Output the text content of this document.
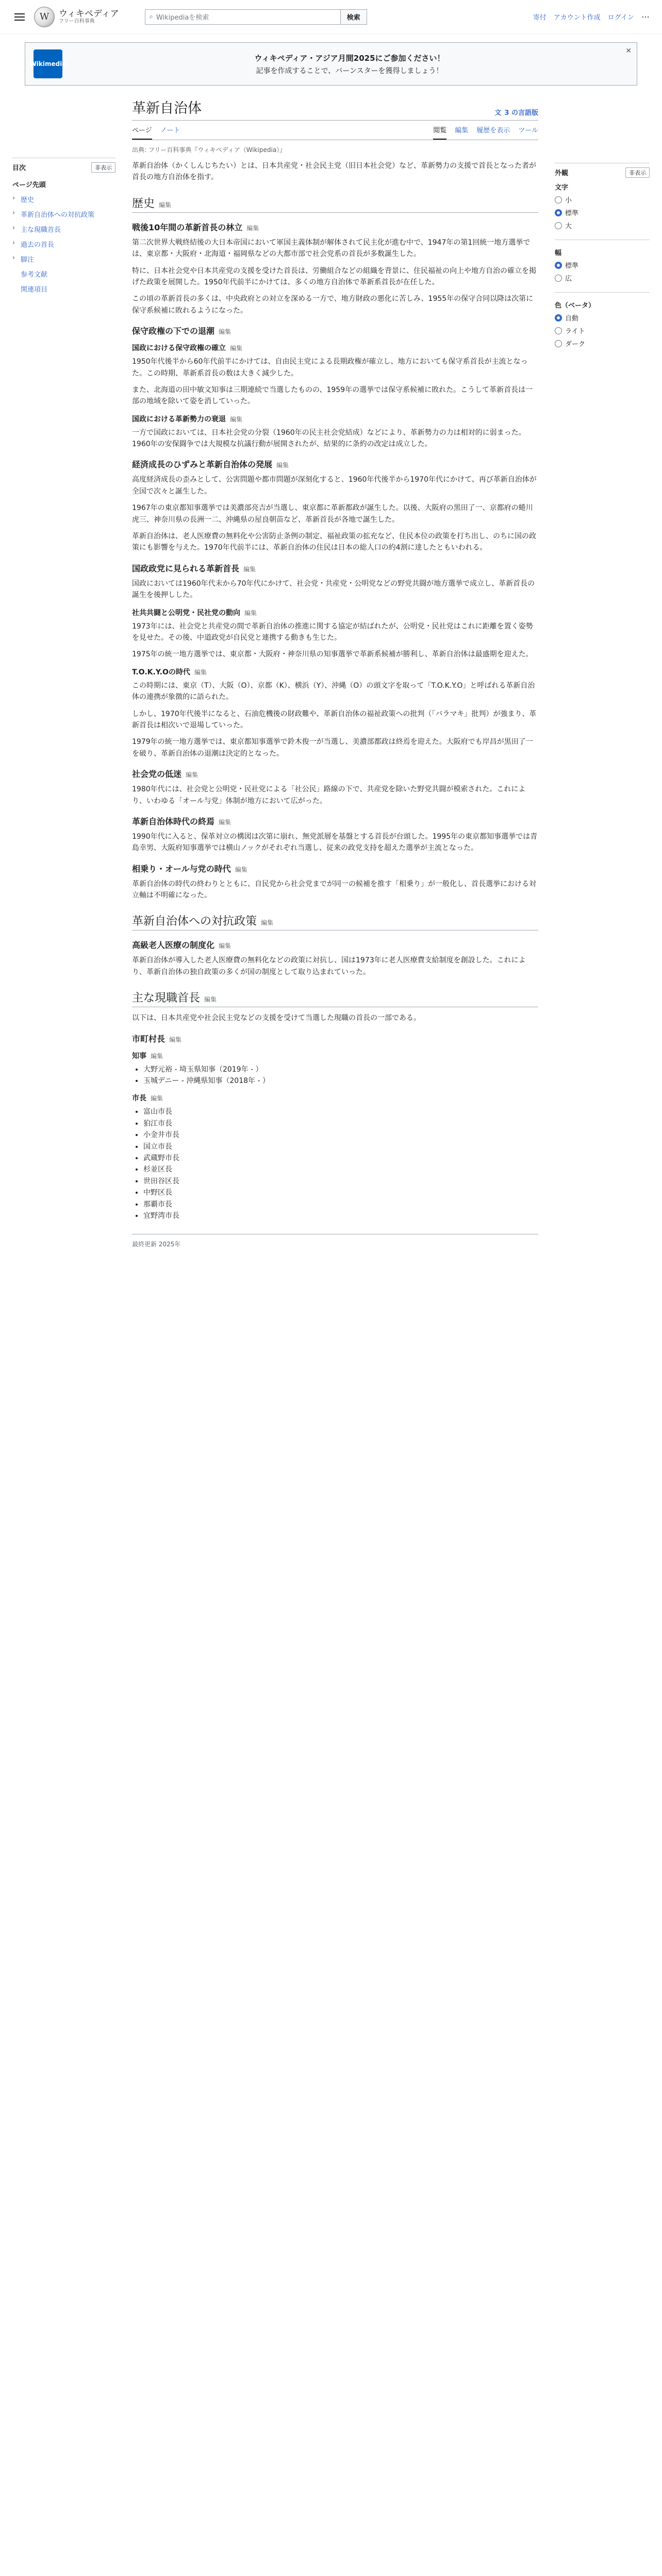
W	ウィキペディア
フリー百科事典
⌕ Wikipediaを検索	検索	寄付 アカウント作成 ログイン ⋯
Wikimedia
ウィキペディア・アジア月間2025にご参加ください！
記事を作成することで、バーンスターを獲得しましょう！
✕
目次	非表示
ページ先頭
› 歴史
› 革新自治体への対抗政策
› 主な現職首長
› 過去の首長
› 脚注
参考文献
関連項目
革新自治体	文 3 の言語版
ページ ノート	閲覧 編集 履歴を表示 ツール
出典: フリー百科事典『ウィキペディア（Wikipedia）』

革新自治体（かくしんじちたい）とは、日本共産党・社会民主党（旧日本社会党）など、革新勢力の支援で首長となった者が首長の地方自治体を指す。

歴史 編集
戦後10年間の革新首長の林立 編集

第二次世界大戦終結後の大日本帝国において軍国主義体制が解体されて民主化が進む中で、1947年の第1回統一地方選挙では、東京都・大阪府・北海道・福岡県などの大都市部で社会党系の首長が多数誕生した。

特に、日本社会党や日本共産党の支援を受けた首長は、労働組合などの組織を背景に、住民福祉の向上や地方自治の確立を掲げた政策を展開した。1950年代前半にかけては、多くの地方自治体で革新系首長が在任した。

この頃の革新首長の多くは、中央政府との対立を深める一方で、地方財政の悪化に苦しみ、1955年の保守合同以降は次第に保守系候補に敗れるようになった。

保守政権の下での退潮 編集
国政における保守政権の確立 編集

1950年代後半から60年代前半にかけては、自由民主党による長期政権が確立し、地方においても保守系首長が主流となった。この時期、革新系首長の数は大きく減少した。

また、北海道の田中敏文知事は三期連続で当選したものの、1959年の選挙では保守系候補に敗れた。こうして革新首長は一部の地域を除いて姿を消していった。

国政における革新勢力の衰退 編集

一方で国政においては、日本社会党の分裂（1960年の民主社会党結成）などにより、革新勢力の力は相対的に弱まった。1960年の安保闘争では大規模な抗議行動が展開されたが、結果的に条約の改定は成立した。

経済成長のひずみと革新自治体の発展 編集

高度経済成長の歪みとして、公害問題や都市問題が深刻化すると、1960年代後半から1970年代にかけて、再び革新自治体が全国で次々と誕生した。

1967年の東京都知事選挙では美濃部亮吉が当選し、東京都に革新都政が誕生した。以後、大阪府の黒田了一、京都府の蜷川虎三、神奈川県の長洲一二、沖縄県の屋良朝苗など、革新首長が各地で誕生した。

革新自治体は、老人医療費の無料化や公害防止条例の制定、福祉政策の拡充など、住民本位の政策を打ち出し、のちに国の政策にも影響を与えた。1970年代前半には、革新自治体の住民は日本の総人口の約4割に達したともいわれる。

国政政党に見られる革新首長 編集

国政においては1960年代末から70年代にかけて、社会党・共産党・公明党などの野党共闘が地方選挙で成立し、革新首長の誕生を後押しした。

社共共闘と公明党・民社党の動向 編集

1973年には、社会党と共産党の間で革新自治体の推進に関する協定が結ばれたが、公明党・民社党はこれに距離を置く姿勢を見せた。その後、中道政党が自民党と連携する動きも生じた。

1975年の統一地方選挙では、東京都・大阪府・神奈川県の知事選挙で革新系候補が勝利し、革新自治体は最盛期を迎えた。

T.O.K.Y.Oの時代 編集

この時期には、東京（T）、大阪（O）、京都（K）、横浜（Y）、沖縄（O）の頭文字を取って「T.O.K.Y.O」と呼ばれる革新自治体の連携が象徴的に語られた。

しかし、1970年代後半になると、石油危機後の財政難や、革新自治体の福祉政策への批判（「バラマキ」批判）が強まり、革新首長は相次いで退場していった。

1979年の統一地方選挙では、東京都知事選挙で鈴木俊一が当選し、美濃部都政は終焉を迎えた。大阪府でも岸昌が黒田了一を破り、革新自治体の退潮は決定的となった。

社会党の低迷 編集

1980年代には、社会党と公明党・民社党による「社公民」路線の下で、共産党を除いた野党共闘が模索された。これにより、いわゆる「オール与党」体制が地方において広がった。

革新自治体時代の終焉 編集

1990年代に入ると、保革対立の構図は次第に崩れ、無党派層を基盤とする首長が台頭した。1995年の東京都知事選挙では青島幸男、大阪府知事選挙では横山ノックがそれぞれ当選し、従来の政党支持を超えた選挙が主流となった。

相乗り・オール与党の時代 編集

革新自治体の時代の終わりとともに、自民党から社会党までが同一の候補を推す「相乗り」が一般化し、首長選挙における対立軸は不明確になった。

革新自治体への対抗政策 編集
高級老人医療の制度化 編集

革新自治体が導入した老人医療費の無料化などの政策に対抗し、国は1973年に老人医療費支給制度を創設した。これにより、革新自治体の独自政策の多くが国の制度として取り込まれていった。

主な現職首長 編集

以下は、日本共産党や社会民主党などの支援を受けて当選した現職の首長の一部である。

市町村長 編集
知事 編集
• 大野元裕 - 埼玉県知事（2019年 - ）
• 玉城デニー - 沖縄県知事（2018年 - ）
市長 編集
• 富山市長
• 狛江市長
• 小金井市長
• 国立市長
• 武蔵野市長
• 杉並区長
• 世田谷区長
• 中野区長
• 那覇市長
• 宜野湾市長
最終更新 2025年
外観	非表示
文字
小
標準
大
幅
標準
広
色（ベータ）
自動
ライト
ダーク
